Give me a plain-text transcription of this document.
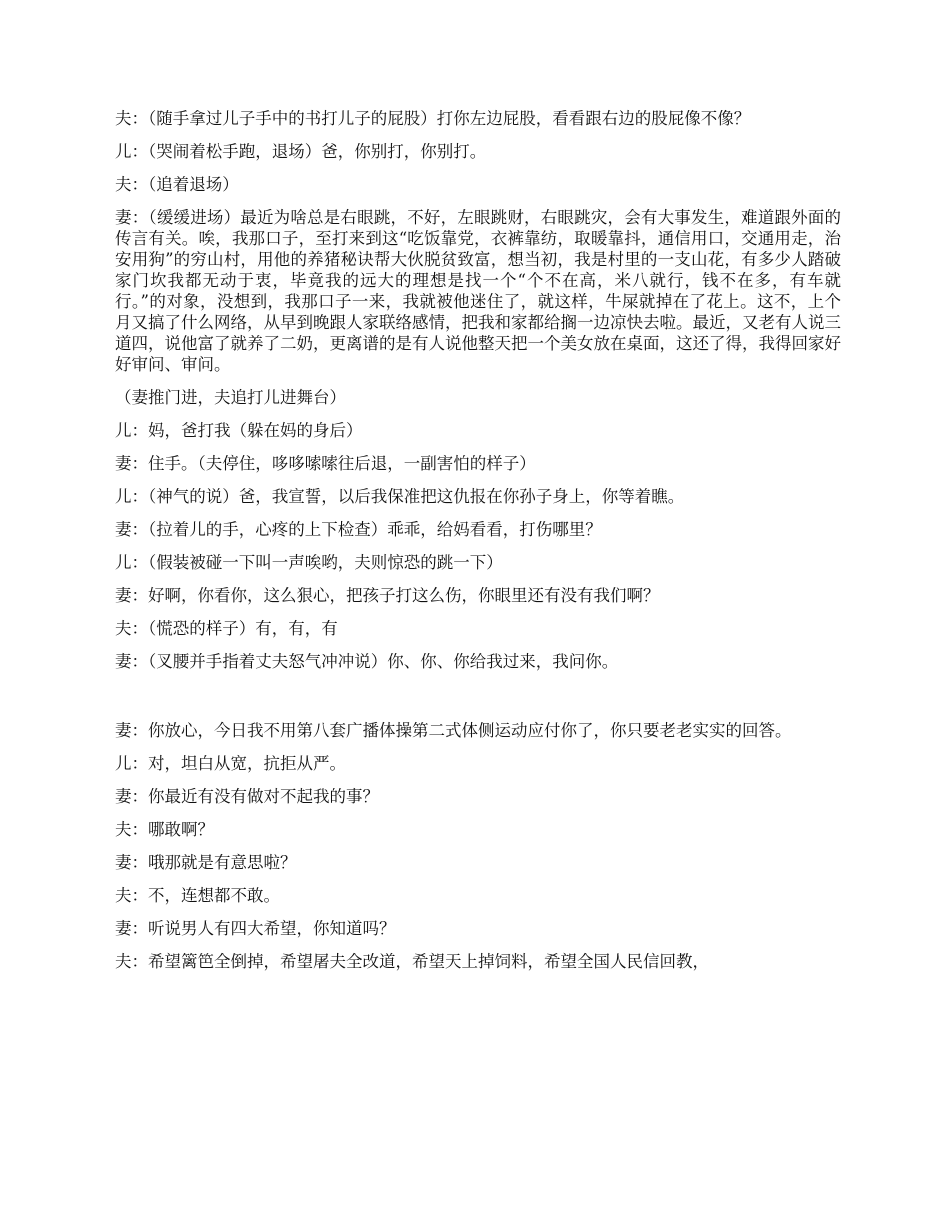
夫：（随手拿过儿子手中的书打儿子的屁股）打你左边屁股，看看跟右边的股屁像不像？

儿：（哭闹着松手跑，退场）爸，你别打，你别打。

夫：（追着退场）

妻：（缓缓进场）最近为啥总是右眼跳，不好，左眼跳财，右眼跳灾，会有大事发生，难道跟外面的传言有关。唉，我那口子，至打来到这“吃饭靠党，衣裤靠纺，取暖靠抖，通信用口，交通用走，治安用狗”的穷山村，用他的养猪秘诀帮大伙脱贫致富，想当初，我是村里的一支山花，有多少人踏破家门坎我都无动于衷，毕竟我的远大的理想是找一个“个不在高，米八就行，钱不在多，有车就行。”的对象，没想到，我那口子一来，我就被他迷住了，就这样，牛屎就掉在了花上。这不，上个月又搞了什么网络，从早到晚跟人家联络感情，把我和家都给搁一边凉快去啦。最近，又老有人说三道四，说他富了就养了二奶，更离谱的是有人说他整天把一个美女放在桌面，这还了得，我得回家好好审问、审问。

（妻推门进，夫追打儿进舞台）

儿：妈，爸打我（躲在妈的身后）

妻：住手。（夫停住，哆哆嗦嗦往后退，一副害怕的样子）

儿：（神气的说）爸，我宣誓，以后我保准把这仇报在你孙子身上，你等着瞧。

妻：（拉着儿的手，心疼的上下检查）乖乖，给妈看看，打伤哪里？

儿：（假装被碰一下叫一声唉哟，夫则惊恐的跳一下）

妻：好啊，你看你，这么狠心，把孩子打这么伤，你眼里还有没有我们啊？

夫：（慌恐的样子）有，有，有

妻：（叉腰并手指着丈夫怒气冲冲说）你、你、你给我过来，我问你。

妻：你放心，今日我不用第八套广播体操第二式体侧运动应付你了，你只要老老实实的回答。

儿：对，坦白从宽，抗拒从严。

妻：你最近有没有做对不起我的事？

夫：哪敢啊？

妻：哦那就是有意思啦？

夫：不，连想都不敢。

妻：听说男人有四大希望，你知道吗？

夫：希望篱笆全倒掉，希望屠夫全改道，希望天上掉饲料，希望全国人民信回教，
